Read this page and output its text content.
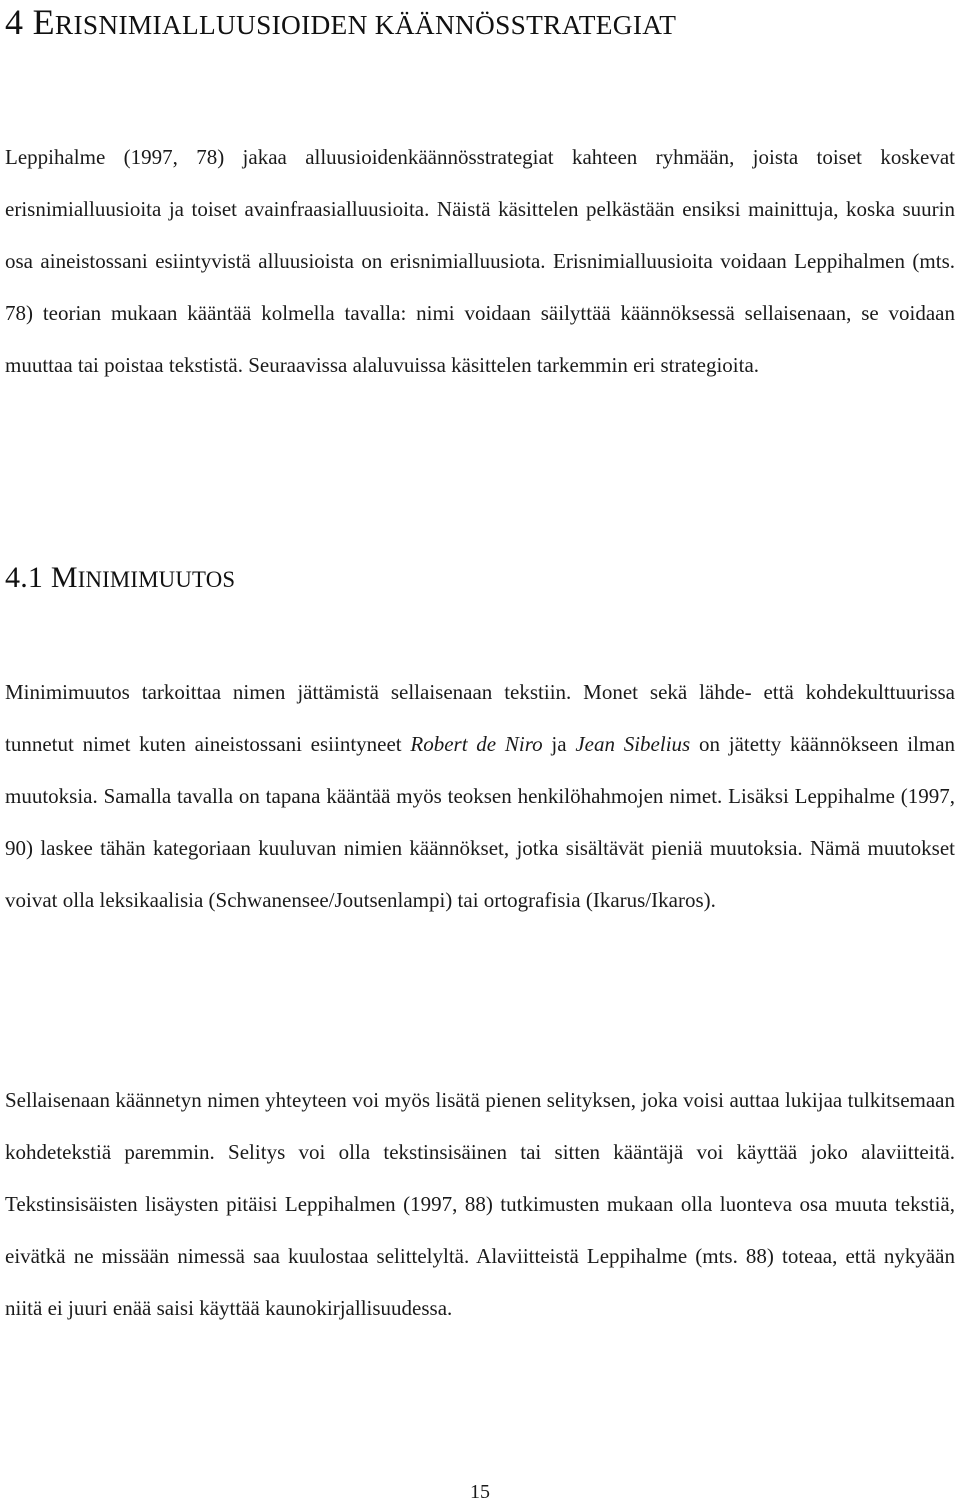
4 ERISNIMIALLUUSIOIDEN KÄÄNNÖSSTRATEGIAT

Leppihalme (1997, 78) jakaa alluusioidenkäännösstrategiat kahteen ryhmään, joista toiset koskevat erisnimialluusioita ja toiset avainfraasialluusioita. Näistä käsittelen pelkästään ensiksi mainittuja, koska suurin osa aineistossani esiintyvistä alluusioista on erisnimialluusiota. Erisnimialluusioita voidaan Leppihalmen (mts. 78) teorian mukaan kääntää kolmella tavalla: nimi voidaan säilyttää käännöksessä sellaisenaan, se voidaan muuttaa tai poistaa tekstistä. Seuraavissa alaluvuissa käsittelen tarkemmin eri strategioita.

4.1 MINIMIMUUTOS

Minimimuutos tarkoittaa nimen jättämistä sellaisenaan tekstiin. Monet sekä lähde- että kohdekulttuurissa tunnetut nimet kuten aineistossani esiintyneet Robert de Niro ja Jean Sibelius on jätetty käännökseen ilman muutoksia. Samalla tavalla on tapana kääntää myös teoksen henkilöhahmojen nimet. Lisäksi Leppihalme (1997, 90) laskee tähän kategoriaan kuuluvan nimien käännökset, jotka sisältävät pieniä muutoksia. Nämä muutokset voivat olla leksikaalisia (Schwanensee/Joutsenlampi) tai ortografisia (Ikarus/Ikaros).

Sellaisenaan käännetyn nimen yhteyteen voi myös lisätä pienen selityksen, joka voisi auttaa lukijaa tulkitsemaan kohdetekstiä paremmin. Selitys voi olla tekstinsisäinen tai sitten kääntäjä voi käyttää joko alaviitteitä. Tekstinsisäisten lisäysten pitäisi Leppihalmen (1997, 88) tutkimusten mukaan olla luonteva osa muuta tekstiä, eivätkä ne missään nimessä saa kuulostaa selittelyltä. Alaviitteistä Leppihalme (mts. 88) toteaa, että nykyään niitä ei juuri enää saisi käyttää kaunokirjallisuudessa.

15
